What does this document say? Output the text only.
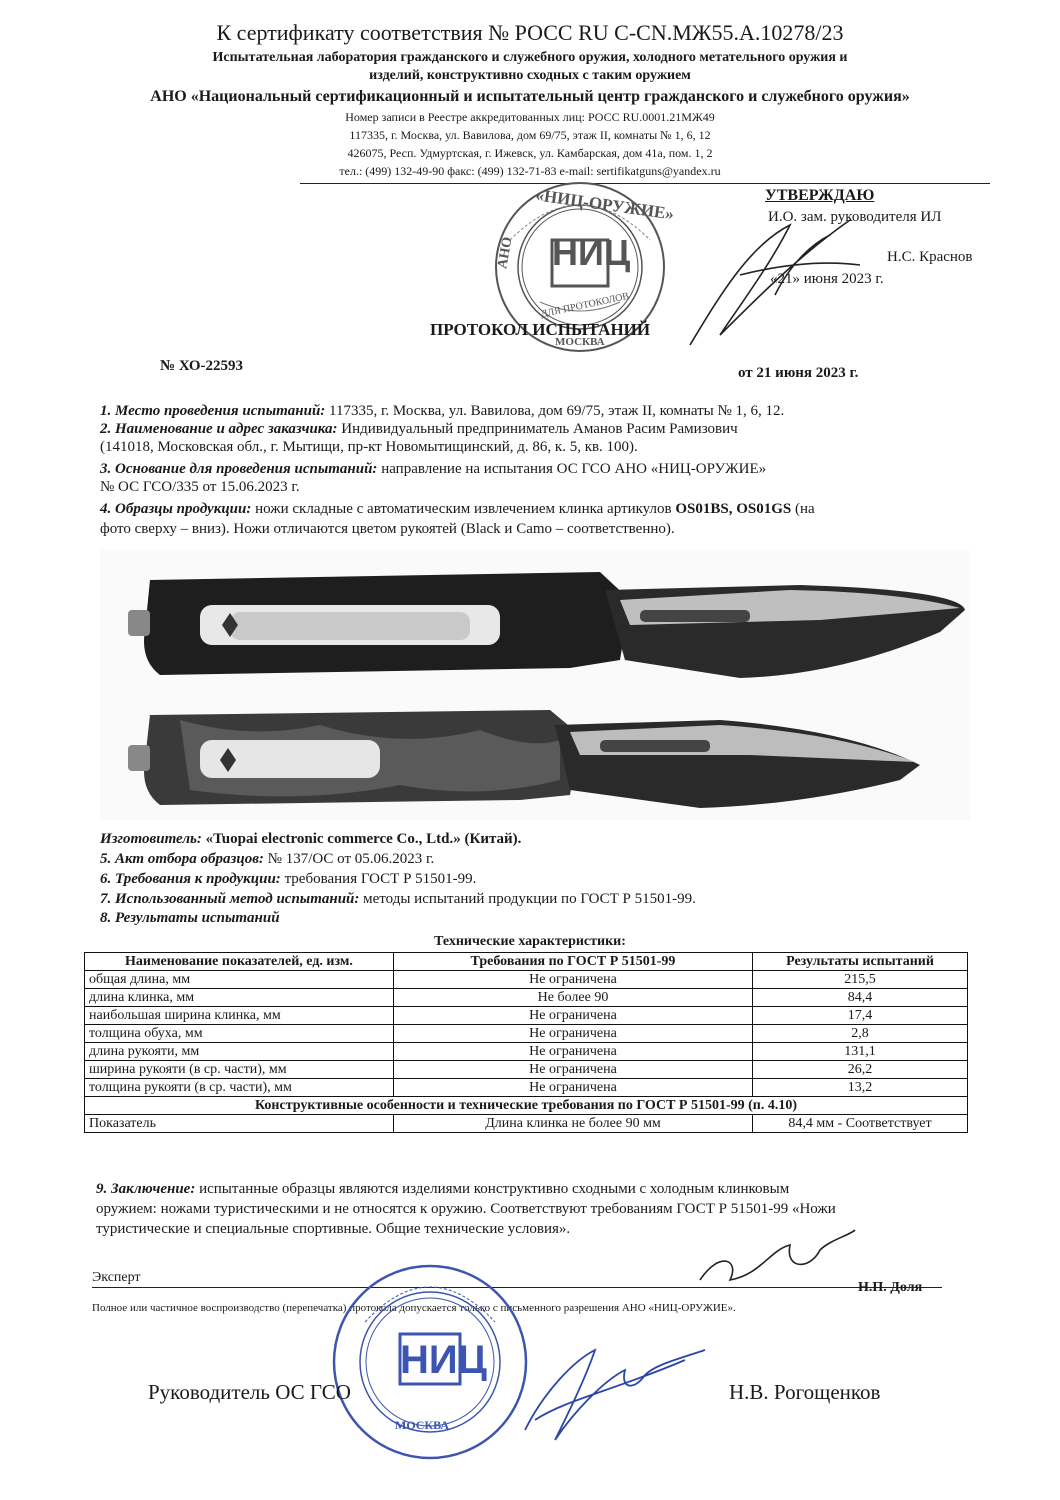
К сертификату соответствия № РОСС RU C-CN.МЖ55.А.10278/23
Испытательная лаборатория гражданского и служебного оружия, холодного метательного оружия и
изделий, конструктивно сходных с таким оружием
АНО «Национальный сертификационный и испытательный центр гражданского и служебного оружия»
Номер записи в Реестре аккредитованных лиц: РОСС RU.0001.21МЖ49
117335, г. Москва, ул. Вавилова, дом 69/75, этаж II, комнаты № 1, 6, 12
426075, Респ. Удмуртская, г. Ижевск, ул. Камбарская, дом 41а, пом. 1, 2
тел.: (499) 132-49-90 факс: (499) 132-71-83 e-mail: sertifikatguns@yandex.ru
НИЦ
«НИЦ-ОРУЖИЕ»
АНО
ДЛЯ ПРОТОКОЛОВ
МОСКВА
УТВЕРЖДАЮ
И.О. зам. руководителя ИЛ
Н.С. Краснов
«21» июня 2023 г.
ПРОТОКОЛ ИСПЫТАНИЙ
№ ХО-22593	от 21 июня 2023 г.
1. Место проведения испытаний: 117335, г. Москва, ул. Вавилова, дом 69/75, этаж II, комнаты № 1, 6, 12.
2. Наименование и адрес заказчика: Индивидуальный предприниматель Аманов Расим Рамизович
(141018, Московская обл., г. Мытищи, пр-кт Новомытищинский, д. 86, к. 5, кв. 100).
3. Основание для проведения испытаний: направление на испытания ОС ГСО АНО «НИЦ-ОРУЖИЕ»
№ ОС ГСО/335 от 15.06.2023 г.
4. Образцы продукции: ножи складные с автоматическим извлечением клинка артикулов OS01BS, OS01GS (на
фото сверху – вниз). Ножи отличаются цветом рукоятей (Black и Camo – соответственно).
Изготовитель: «Tuopai electronic commerce Co., Ltd.» (Китай).
5. Акт отбора образцов: № 137/ОС от 05.06.2023 г.
6. Требования к продукции: требования ГОСТ Р 51501-99.
7. Использованный метод испытаний: методы испытаний продукции по ГОСТ Р 51501-99.
8. Результаты испытаний
Технические характеристики:
Наименование показателей, ед. изм.	Требования по ГОСТ Р 51501-99	Результаты испытаний
общая длина, мм	Не ограничена	215,5
длина клинка, мм	Не более 90	84,4
наибольшая ширина клинка, мм	Не ограничена	17,4
толщина обуха, мм	Не ограничена	2,8
длина рукояти, мм	Не ограничена	131,1
ширина рукояти (в ср. части), мм	Не ограничена	26,2
толщина рукояти (в ср. части), мм	Не ограничена	13,2
Конструктивные особенности и технические требования по ГОСТ Р 51501-99 (п. 4.10)		
Показатель	Длина клинка не более 90 мм	84,4 мм - Соответствует
9. Заключение: испытанные образцы являются изделиями конструктивно сходными с холодным клинковым
оружием: ножами туристическими и не относятся к оружию. Соответствуют требованиям ГОСТ Р 51501-99 «Ножи
туристические и специальные спортивные. Общие технические условия».
Эксперт
Н.П. Доля
Полное или частичное воспроизводство (перепечатка) протокола допускается только с письменного разрешения АНО «НИЦ-ОРУЖИЕ».
НИЦ
МОСКВА
Руководитель ОС ГСО	Н.В. Рогощенков
